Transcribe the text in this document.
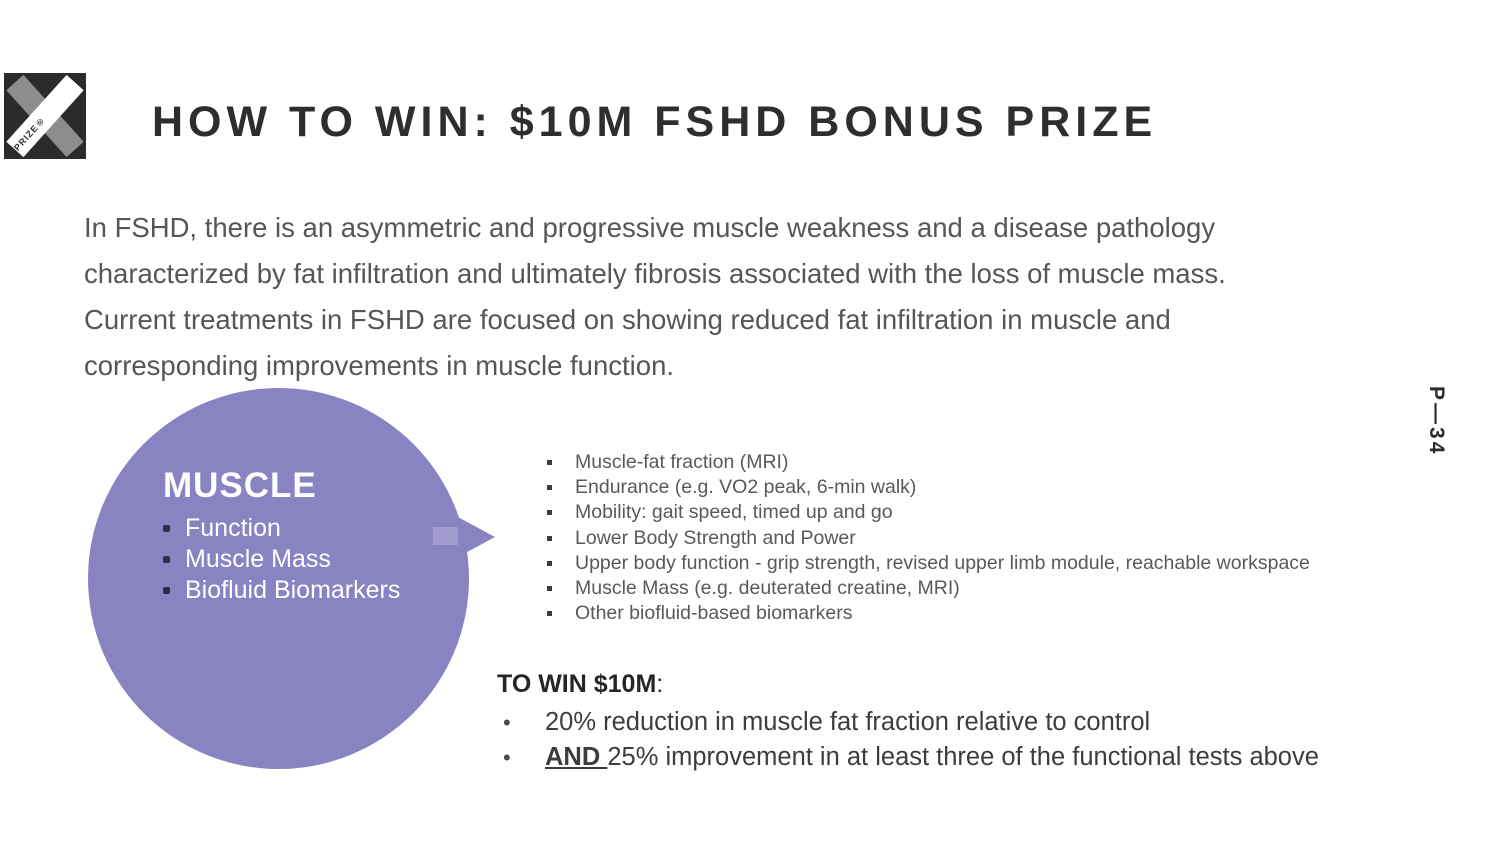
PRIZE® HOW TO WIN: $10M FSHD BONUS PRIZE
In FSHD, there is an asymmetric and progressive muscle weakness and a disease pathology
characterized by fat infiltration and ultimately fibrosis associated with the loss of muscle mass.
Current treatments in FSHD are focused on showing reduced fat infiltration in muscle and
corresponding improvements in muscle function.
MUSCLE
Function
Muscle Mass
Biofluid Biomarkers
Muscle-fat fraction (MRI)
Endurance (e.g. VO2 peak, 6-min walk)
Mobility: gait speed, timed up and go
Lower Body Strength and Power
Upper body function - grip strength, revised upper limb module, reachable workspace
Muscle Mass (e.g. deuterated creatine, MRI)
Other biofluid-based biomarkers
TO WIN $10M:
• 20% reduction in muscle fat fraction relative to control
• AND 25% improvement in at least three of the functional tests above
P—34
